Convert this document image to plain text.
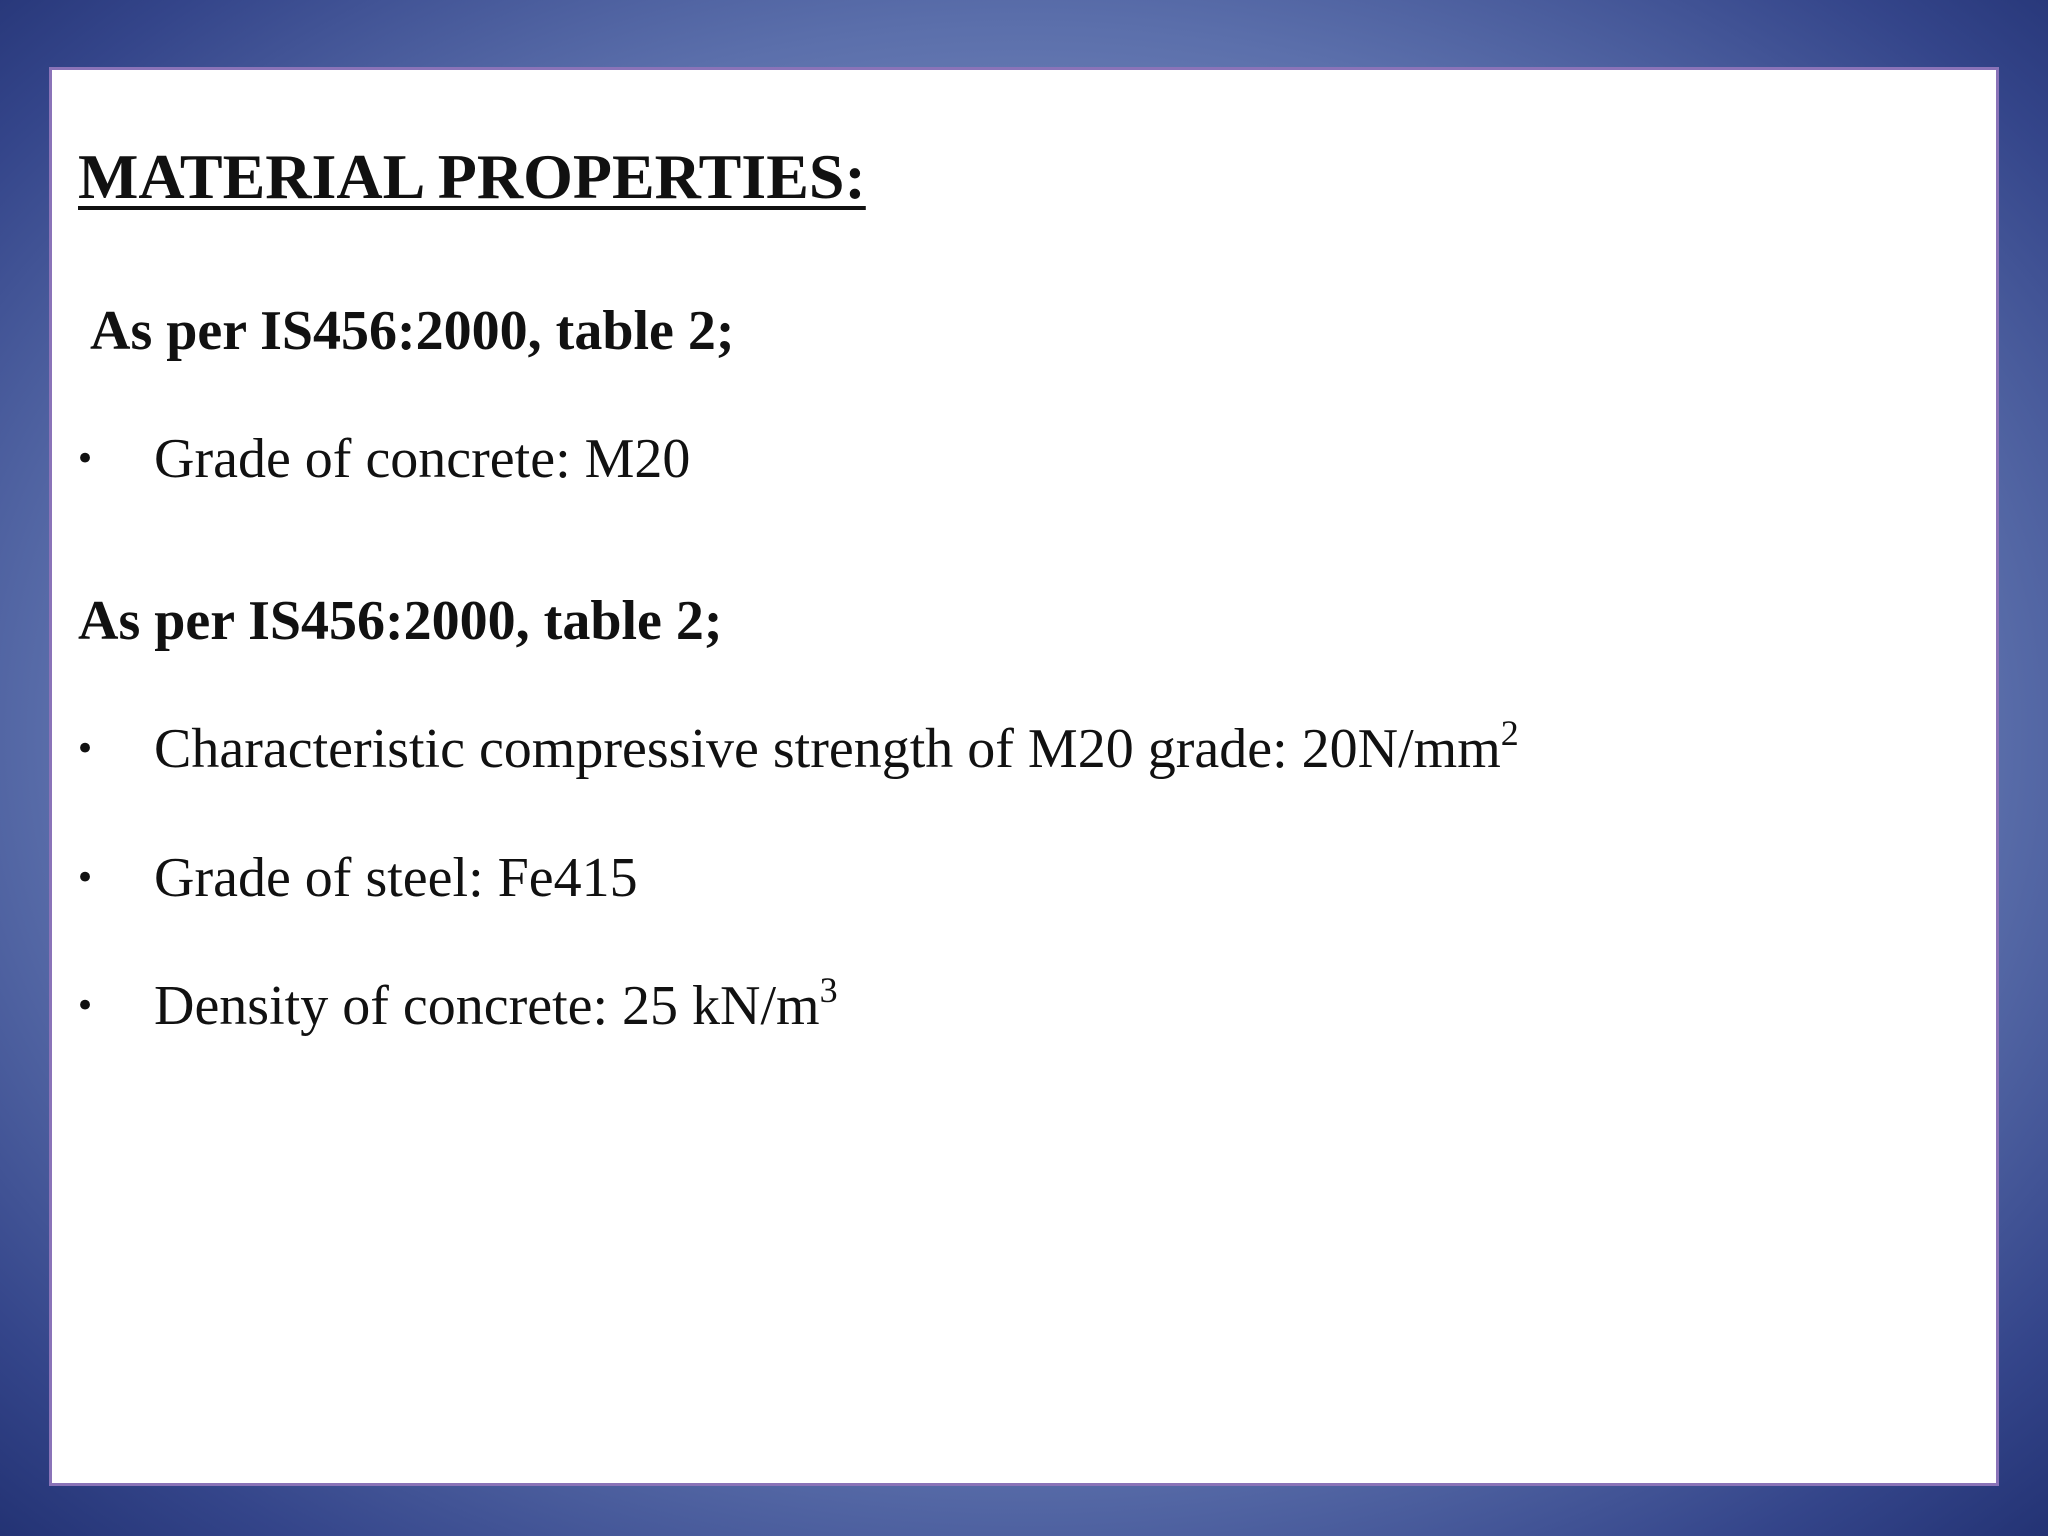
MATERIAL PROPERTIES:
As per IS456:2000, table 2;
• Grade of concrete: M20
As per IS456:2000, table 2;
• Characteristic compressive strength of M20 grade: $20N/mm^2$
• Grade of steel: Fe415
• Density of concrete: 25 $kN/m^3$
